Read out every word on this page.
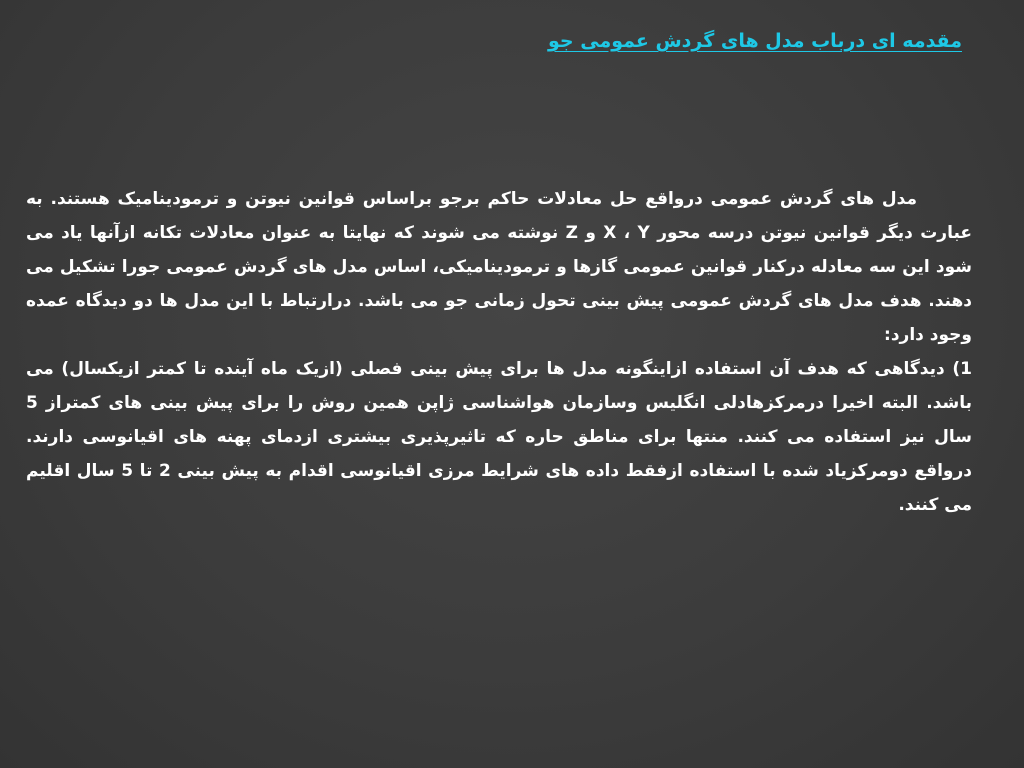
مقدمه ای درباب مدل های گردش عمومی جو

مدل های گردش عمومی درواقع حل معادلات حاکم برجو براساس قوانین نیوتن و ترمودینامیک هستند. به عبارت دیگر قوانین نیوتن درسه محور X ، Y و Z نوشته می شوند که نهایتا به عنوان معادلات تکانه ازآنها یاد می شود این سه معادله درکنار قوانین عمومی گازها و ترمودینامیکی، اساس مدل های گردش عمومی جورا تشکیل می دهند. هدف مدل های گردش عمومی پیش بینی تحول زمانی جو می باشد. درارتباط با این مدل ها دو دیدگاه عمده وجود دارد:

1) دیدگاهی که هدف آن استفاده ازاینگونه مدل ها برای پیش بینی فصلی (ازیک ماه آینده تا کمتر ازیکسال) می باشد. البته اخیرا درمرکزهادلی انگلیس وسازمان هواشناسی ژاپن همین روش را برای پیش بینی های کمتراز 5 سال نیز استفاده می کنند. منتها برای مناطق حاره که تاثیرپذیری بیشتری ازدمای پهنه های اقیانوسی دارند. درواقع دومرکزیاد شده با استفاده ازفقط داده های شرایط مرزی اقیانوسی اقدام به پیش بینی 2 تا 5 سال اقلیم می کنند.
